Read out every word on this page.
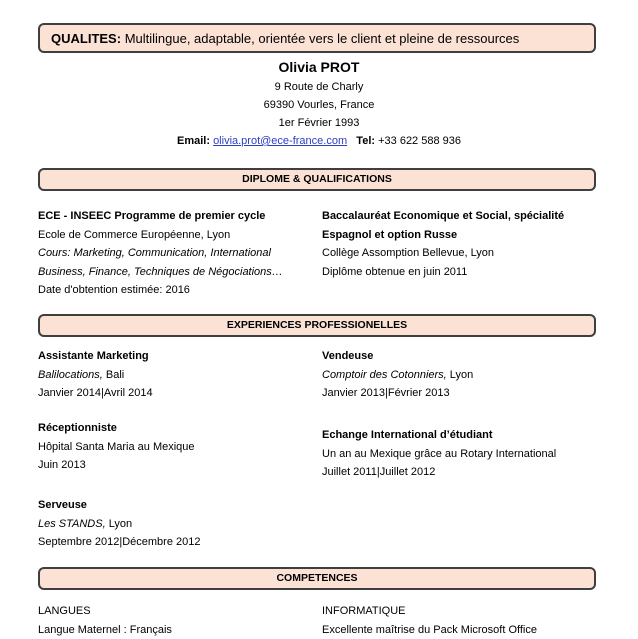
QUALITES: Multilingue, adaptable, orientée vers le client et pleine de ressources
Olivia PROT
9 Route de Charly
69390 Vourles, France
1er Février 1993
Email: olivia.prot@ece-france.com Tel: +33 622 588 936
DIPLOME & QUALIFICATIONS
ECE - INSEEC Programme de premier cycle
Ecole de Commerce Européenne, Lyon
Cours: Marketing, Communication, International
Business, Finance, Techniques de Négociations…
Date d'obtention estimée: 2016
Baccalauréat Economique et Social, spécialité
Espagnol et option Russe
Collège Assomption Bellevue, Lyon
Diplôme obtenue en juin 2011
EXPERIENCES PROFESSIONELLES
Assistante Marketing
Balilocations, Bali
Janvier 2014|Avril 2014
Réceptionniste
Hôpital Santa Maria au Mexique
Juin 2013
Serveuse
Les STANDS, Lyon
Septembre 2012|Décembre 2012
Vendeuse
Comptoir des Cotonniers, Lyon
Janvier 2013|Février 2013
Echange International d’étudiant
Un an au Mexique grâce au Rotary International
Juillet 2011|Juillet 2012
COMPETENCES
LANGUES
Langue Maternel : Français
INFORMATIQUE
Excellente maîtrise du Pack Microsoft Office
